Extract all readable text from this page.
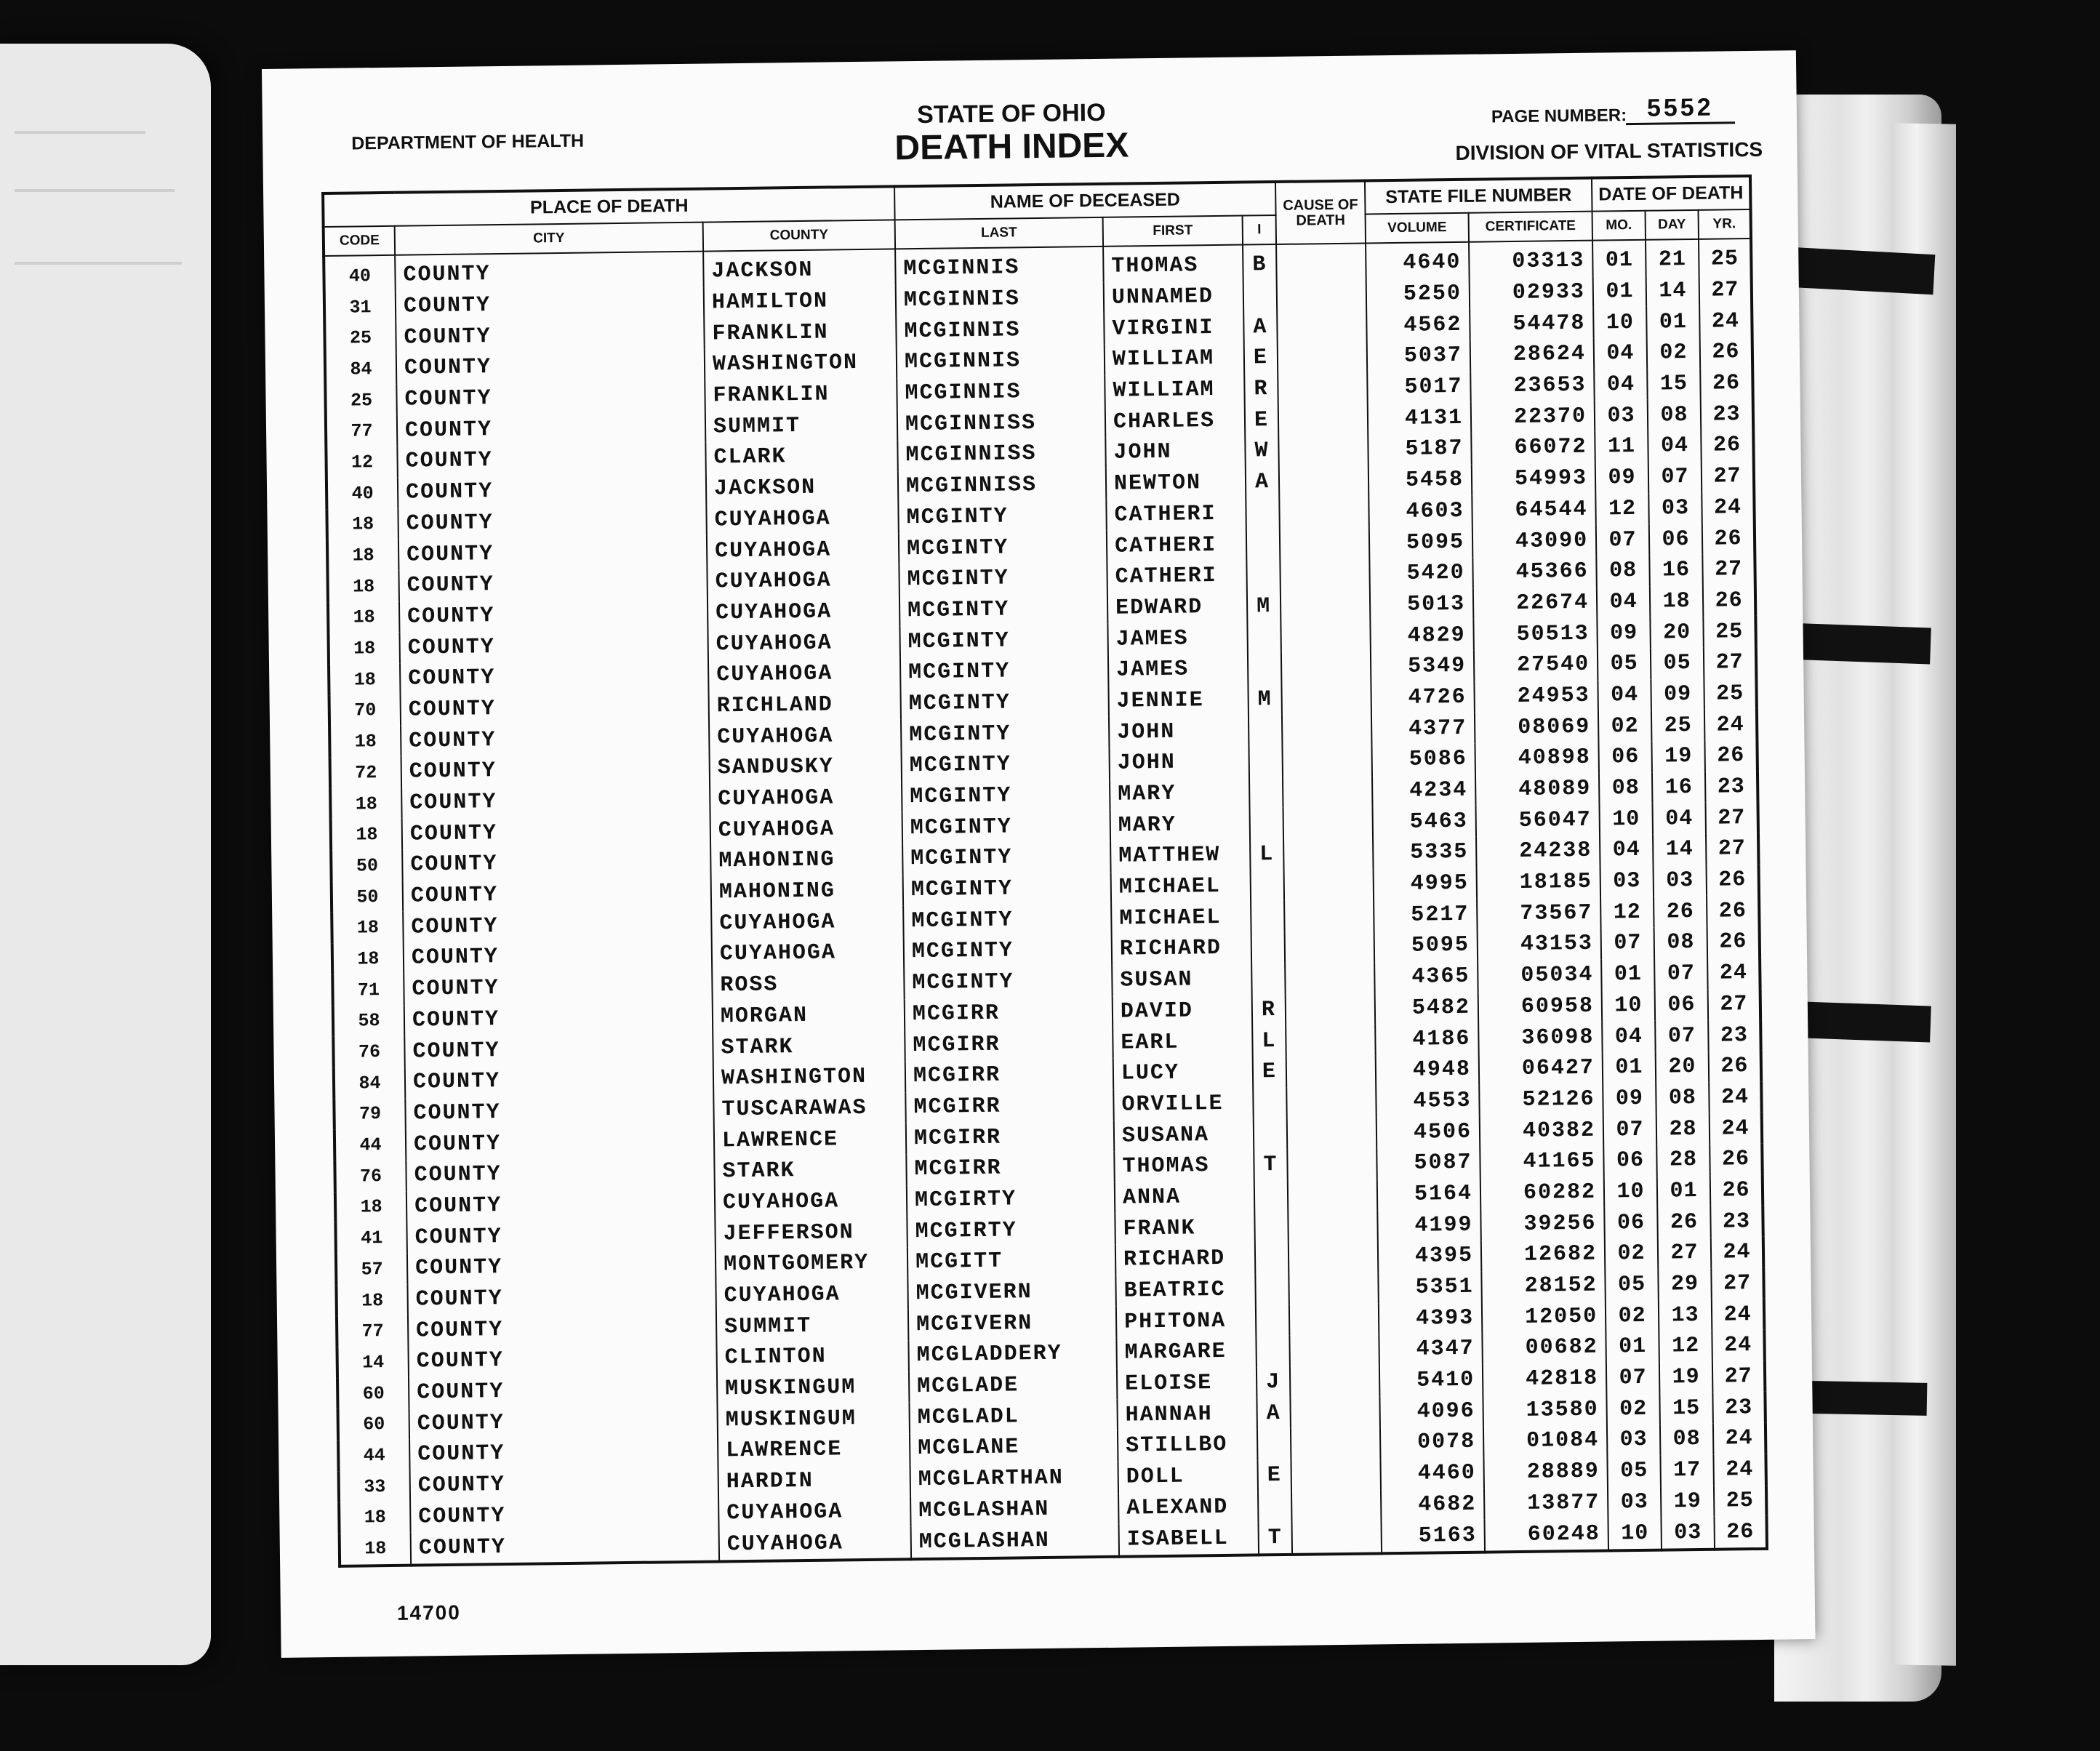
DEPARTMENT OF HEALTH
STATE OF OHIO
DEATH INDEX
PAGE NUMBER: 5552
DIVISION OF VITAL STATISTICS
PLACE OF DEATH			NAME OF DECEASED			CAUSE OF DEATH	STATE FILE NUMBER		DATE OF DEATH		
CODE	CITY	COUNTY	LAST	FIRST	I		VOLUME	CERTIFICATE	MO.	DAY	YR.
40	COUNTY	JACKSON	MCGINNIS	THOMAS	B		4640	03313	01	21	25
31	COUNTY	HAMILTON	MCGINNIS	UNNAMED			5250	02933	01	14	27
25	COUNTY	FRANKLIN	MCGINNIS	VIRGINI	A		4562	54478	10	01	24
84	COUNTY	WASHINGTON	MCGINNIS	WILLIAM	E		5037	28624	04	02	26
25	COUNTY	FRANKLIN	MCGINNIS	WILLIAM	R		5017	23653	04	15	26
77	COUNTY	SUMMIT	MCGINNISS	CHARLES	E		4131	22370	03	08	23
12	COUNTY	CLARK	MCGINNISS	JOHN	W		5187	66072	11	04	26
40	COUNTY	JACKSON	MCGINNISS	NEWTON	A		5458	54993	09	07	27
18	COUNTY	CUYAHOGA	MCGINTY	CATHERI			4603	64544	12	03	24
18	COUNTY	CUYAHOGA	MCGINTY	CATHERI			5095	43090	07	06	26
18	COUNTY	CUYAHOGA	MCGINTY	CATHERI			5420	45366	08	16	27
18	COUNTY	CUYAHOGA	MCGINTY	EDWARD	M		5013	22674	04	18	26
18	COUNTY	CUYAHOGA	MCGINTY	JAMES			4829	50513	09	20	25
18	COUNTY	CUYAHOGA	MCGINTY	JAMES			5349	27540	05	05	27
70	COUNTY	RICHLAND	MCGINTY	JENNIE	M		4726	24953	04	09	25
18	COUNTY	CUYAHOGA	MCGINTY	JOHN			4377	08069	02	25	24
72	COUNTY	SANDUSKY	MCGINTY	JOHN			5086	40898	06	19	26
18	COUNTY	CUYAHOGA	MCGINTY	MARY			4234	48089	08	16	23
18	COUNTY	CUYAHOGA	MCGINTY	MARY			5463	56047	10	04	27
50	COUNTY	MAHONING	MCGINTY	MATTHEW	L		5335	24238	04	14	27
50	COUNTY	MAHONING	MCGINTY	MICHAEL			4995	18185	03	03	26
18	COUNTY	CUYAHOGA	MCGINTY	MICHAEL			5217	73567	12	26	26
18	COUNTY	CUYAHOGA	MCGINTY	RICHARD			5095	43153	07	08	26
71	COUNTY	ROSS	MCGINTY	SUSAN			4365	05034	01	07	24
58	COUNTY	MORGAN	MCGIRR	DAVID	R		5482	60958	10	06	27
76	COUNTY	STARK	MCGIRR	EARL	L		4186	36098	04	07	23
84	COUNTY	WASHINGTON	MCGIRR	LUCY	E		4948	06427	01	20	26
79	COUNTY	TUSCARAWAS	MCGIRR	ORVILLE			4553	52126	09	08	24
44	COUNTY	LAWRENCE	MCGIRR	SUSANA			4506	40382	07	28	24
76	COUNTY	STARK	MCGIRR	THOMAS	T		5087	41165	06	28	26
18	COUNTY	CUYAHOGA	MCGIRTY	ANNA			5164	60282	10	01	26
41	COUNTY	JEFFERSON	MCGIRTY	FRANK			4199	39256	06	26	23
57	COUNTY	MONTGOMERY	MCGITT	RICHARD			4395	12682	02	27	24
18	COUNTY	CUYAHOGA	MCGIVERN	BEATRIC			5351	28152	05	29	27
77	COUNTY	SUMMIT	MCGIVERN	PHITONA			4393	12050	02	13	24
14	COUNTY	CLINTON	MCGLADDERY	MARGARE			4347	00682	01	12	24
60	COUNTY	MUSKINGUM	MCGLADE	ELOISE	J		5410	42818	07	19	27
60	COUNTY	MUSKINGUM	MCGLADL	HANNAH	A		4096	13580	02	15	23
44	COUNTY	LAWRENCE	MCGLANE	STILLBO			0078	01084	03	08	24
33	COUNTY	HARDIN	MCGLARTHAN	DOLL	E		4460	28889	05	17	24
18	COUNTY	CUYAHOGA	MCGLASHAN	ALEXAND			4682	13877	03	19	25
18	COUNTY	CUYAHOGA	MCGLASHAN	ISABELL	T		5163	60248	10	03	26
14700
